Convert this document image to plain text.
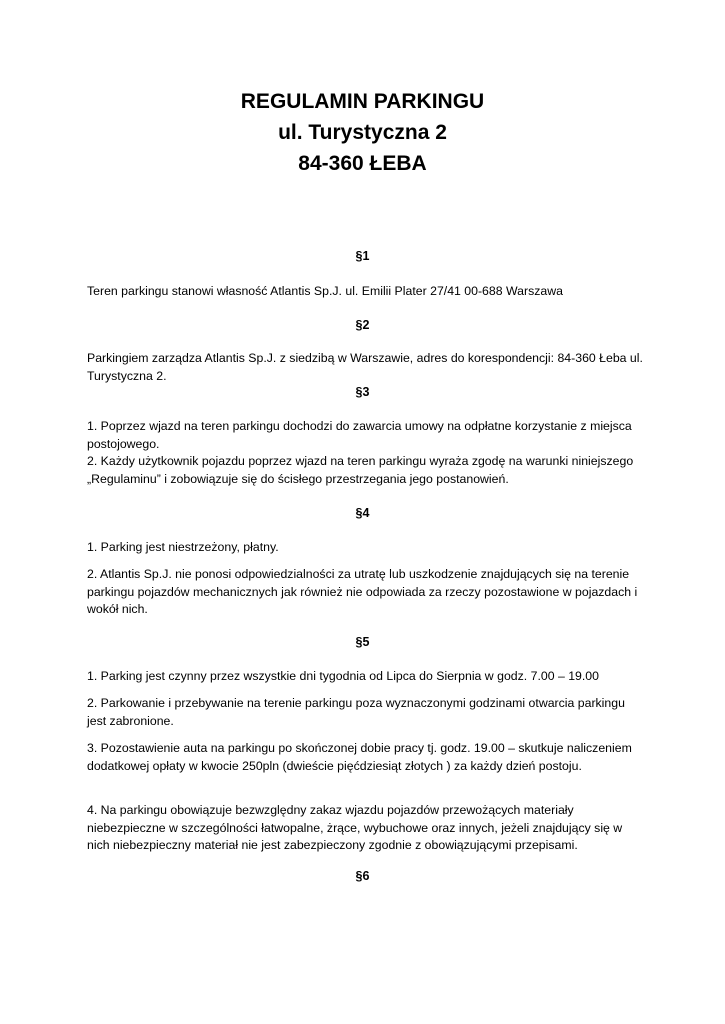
REGULAMIN PARKINGU
ul. Turystyczna 2
84-360 ŁEBA
§1
Teren parkingu stanowi własność Atlantis Sp.J. ul. Emilii Plater 27/41 00-688 Warszawa
§2
Parkingiem zarządza Atlantis Sp.J. z siedzibą w Warszawie, adres do korespondencji: 84-360 Łeba ul. Turystyczna 2.
§3
1. Poprzez wjazd na teren parkingu dochodzi do zawarcia umowy na odpłatne korzystanie z miejsca postojowego.
2. Każdy użytkownik pojazdu poprzez wjazd na teren parkingu wyraża zgodę na warunki niniejszego „Regulaminu” i zobowiązuje się do ścisłego przestrzegania jego postanowień.
§4
1. Parking jest niestrzeżony, płatny.
2. Atlantis Sp.J. nie ponosi odpowiedzialności za utratę lub uszkodzenie znajdujących się na terenie parkingu pojazdów mechanicznych jak również nie odpowiada za rzeczy pozostawione w pojazdach i wokół nich.
§5
1. Parking jest czynny przez wszystkie dni tygodnia od Lipca do Sierpnia w godz. 7.00 – 19.00
2. Parkowanie i przebywanie na terenie parkingu poza wyznaczonymi godzinami otwarcia parkingu jest zabronione.
3. Pozostawienie auta na parkingu po skończonej dobie pracy tj. godz. 19.00 – skutkuje naliczeniem dodatkowej opłaty w kwocie 250pln (dwieście pięćdziesiąt złotych ) za każdy dzień postoju.
4. Na parkingu obowiązuje bezwzględny zakaz wjazdu pojazdów przewożących materiały niebezpieczne w szczególności łatwopalne, żrące, wybuchowe oraz innych, jeżeli znajdujący się w nich niebezpieczny materiał nie jest zabezpieczony zgodnie z obowiązującymi przepisami.
§6
